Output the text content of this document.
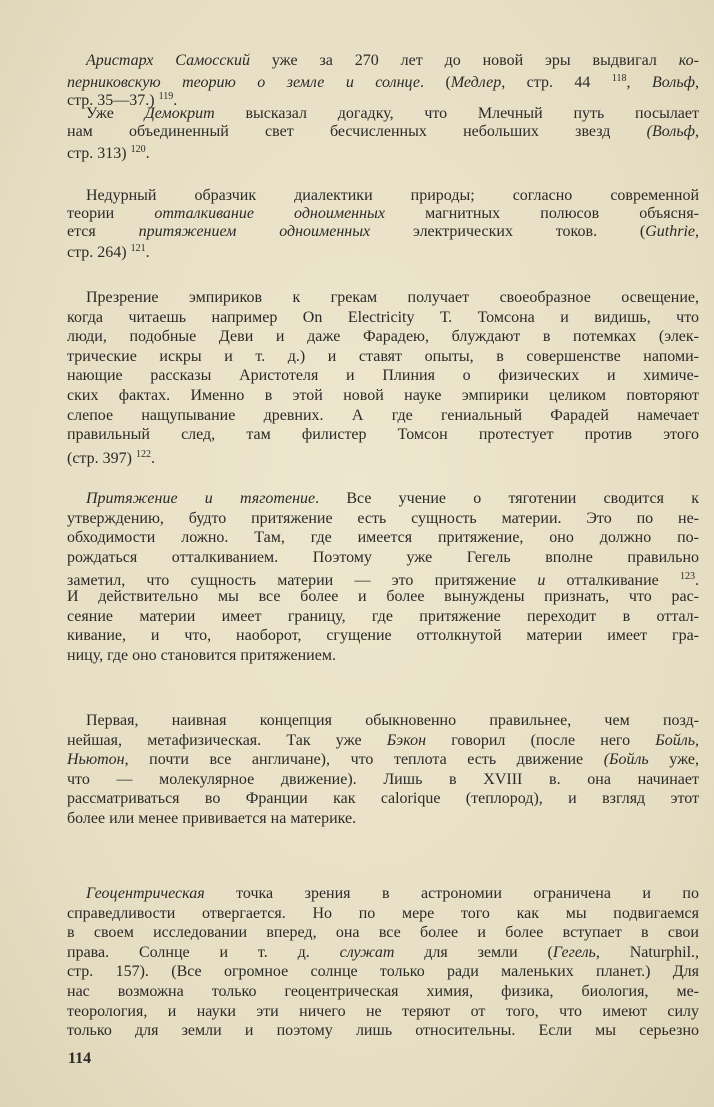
Аристарх Самосский уже за 270 лет до новой эры выдвигал ко-
перниковскую теорию о земле и солнце. (Медлер, стр. 44 $^{118}$, Вольф,
стр. 35—37.) $^{119}$.
Уже Демокрит высказал догадку, что Млечный путь посылает
нам объединенный свет бесчисленных небольших звезд (Вольф,
стр. 313) $^{120}$.
Недурный образчик диалектики природы; согласно современной
теории отталкивание одноименных магнитных полюсов объясня-
ется притяжением одноименных электрических токов. (Guthrie,
стр. 264) $^{121}$.
Презрение эмпириков к грекам получает своеобразное освещение,
когда читаешь например On Electricity Т. Томсона и видишь, что
люди, подобные Деви и даже Фарадею, блуждают в потемках (элек-
трические искры и т. д.) и ставят опыты, в совершенстве напоми-
нающие рассказы Аристотеля и Плиния о физических и химиче-
ских фактах. Именно в этой новой науке эмпирики целиком повторяют
слепое нащупывание древних. А где гениальный Фарадей намечает
правильный след, там филистер Томсон протестует против этого
(стр. 397) $^{122}$.
Притяжение и тяготение. Все учение о тяготении сводится к
утверждению, будто притяжение есть сущность материи. Это по не-
обходимости ложно. Там, где имеется притяжение, оно должно по-
рождаться отталкиванием. Поэтому уже Гегель вполне правильно
заметил, что сущность материи — это притяжение и отталкивание $^{123}$.
И действительно мы все более и более вынуждены признать, что рас-
сеяние материи имеет границу, где притяжение переходит в оттал-
кивание, и что, наоборот, сгущение оттолкнутой материи имеет гра-
ницу, где оно становится притяжением.
Первая, наивная концепция обыкновенно правильнее, чем позд-
нейшая, метафизическая. Так уже Бэкон говорил (после него Бойль,
Ньютон, почти все англичане), что теплота есть движение (Бойль уже,
что — молекулярное движение). Лишь в XVIII в. она начинает
рассматриваться во Франции как calorique (теплород), и взгляд этот
более или менее прививается на материке.
Геоцентрическая точка зрения в астрономии ограничена и по
справедливости отвергается. Но по мере того как мы подвигаемся
в своем исследовании вперед, она все более и более вступает в свои
права. Солнце и т. д. служат для земли (Гегель, Naturphil.,
стр. 157). (Все огромное солнце только ради маленьких планет.) Для
нас возможна только геоцентрическая химия, физика, биология, ме-
теорология, и науки эти ничего не теряют от того, что имеют силу
только для земли и поэтому лишь относительны. Если мы серьезно
114
